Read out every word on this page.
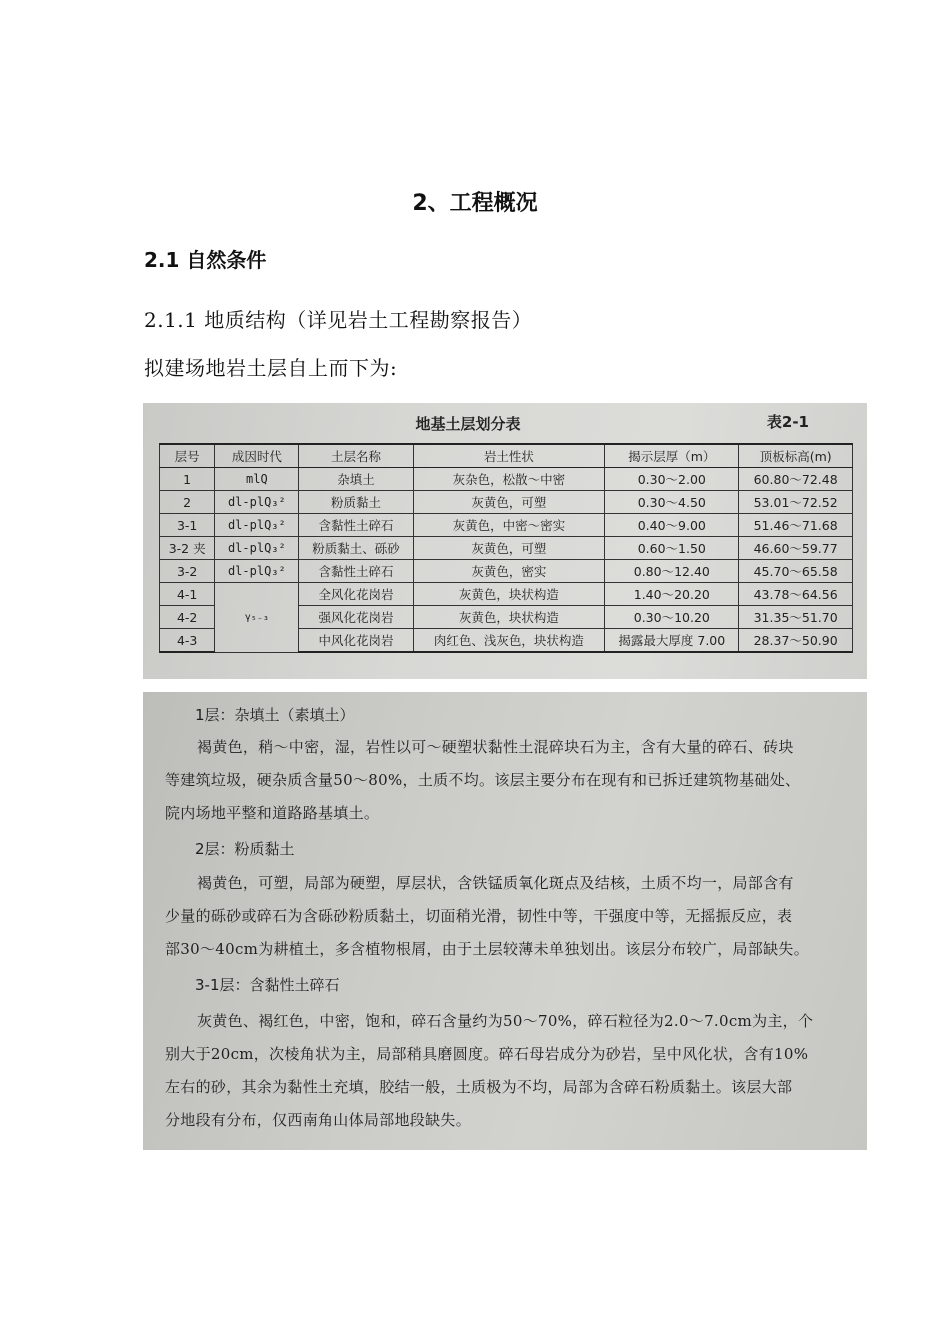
2、工程概况
2.1 自然条件
2.1.1 地质结构（详见岩土工程勘察报告）
拟建场地岩土层自上而下为:
地基土层划分表	表2-1
层号	成因时代	土层名称	岩土性状	揭示层厚（m）	顶板标高(m)
1	mlQ	杂填土	灰杂色，松散～中密	0.30～2.00	60.80～72.48
2	dl-plQ₃²	粉质黏土	灰黄色，可塑	0.30～4.50	53.01～72.52
3-1	dl-plQ₃²	含黏性土碎石	灰黄色，中密～密实	0.40～9.00	51.46～71.68
3-2 夹	dl-plQ₃²	粉质黏土、砾砂	灰黄色，可塑	0.60～1.50	46.60～59.77
3-2	dl-plQ₃²	含黏性土碎石	灰黄色，密实	0.80～12.40	45.70～65.58
4-1	γ₅₋₃	全风化花岗岩	灰黄色，块状构造	1.40～20.20	43.78～64.56
4-2		强风化花岗岩	灰黄色，块状构造	0.30～10.20	31.35～51.70
4-3		中风化花岗岩	肉红色、浅灰色，块状构造	揭露最大厚度 7.00	28.37～50.90
1层：杂填土（素填土）
褐黄色，稍～中密，湿，岩性以可～硬塑状黏性土混碎块石为主，含有大量的碎石、砖块
等建筑垃圾，硬杂质含量50～80%，土质不均。该层主要分布在现有和已拆迁建筑物基础处、
院内场地平整和道路路基填土。
2层：粉质黏土
褐黄色，可塑，局部为硬塑，厚层状，含铁锰质氧化斑点及结核，土质不均一，局部含有
少量的砾砂或碎石为含砾砂粉质黏土，切面稍光滑，韧性中等，干强度中等，无摇振反应，表
部30～40cm为耕植土，多含植物根屑，由于土层较薄未单独划出。该层分布较广，局部缺失。
3-1层：含黏性土碎石
灰黄色、褐红色，中密，饱和，碎石含量约为50～70%，碎石粒径为2.0～7.0cm为主，个
别大于20cm，次棱角状为主，局部稍具磨圆度。碎石母岩成分为砂岩，呈中风化状，含有10%
左右的砂，其余为黏性土充填，胶结一般，土质极为不均，局部为含碎石粉质黏土。该层大部
分地段有分布，仅西南角山体局部地段缺失。
